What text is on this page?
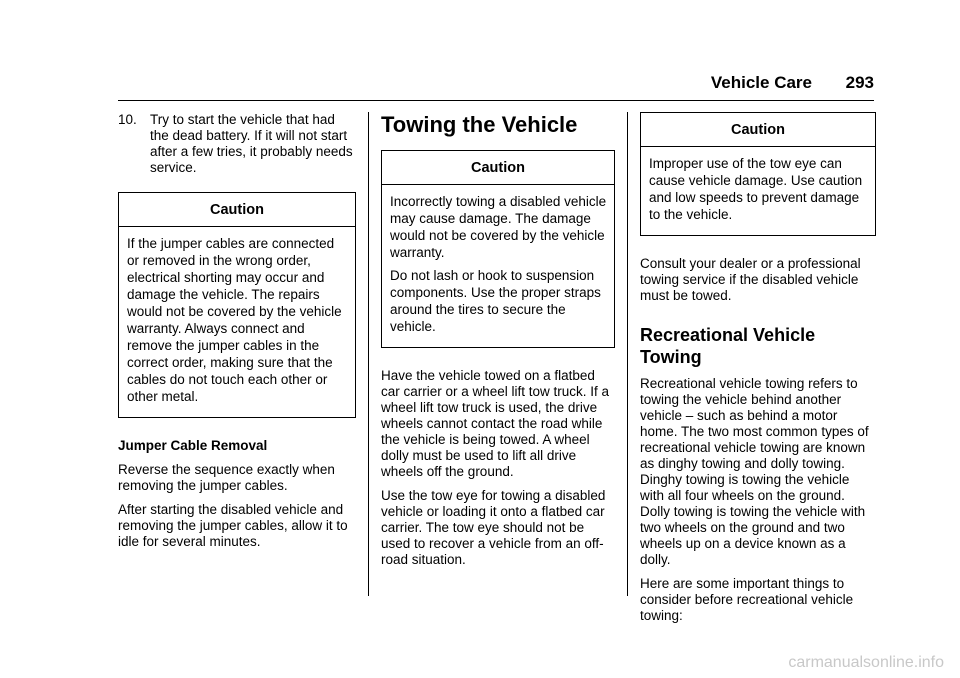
Vehicle Care 293
10. Try to start the vehicle that had the dead battery. If it will not start after a few tries, it probably needs service.
Caution

If the jumper cables are connected or removed in the wrong order, electrical shorting may occur and damage the vehicle. The repairs would not be covered by the vehicle warranty. Always connect and remove the jumper cables in the correct order, making sure that the cables do not touch each other or other metal.

Jumper Cable Removal

Reverse the sequence exactly when removing the jumper cables.

After starting the disabled vehicle and removing the jumper cables, allow it to idle for several minutes.

Towing the Vehicle
Caution

Incorrectly towing a disabled vehicle may cause damage. The damage would not be covered by the vehicle warranty.

Do not lash or hook to suspension components. Use the proper straps around the tires to secure the vehicle.

Have the vehicle towed on a flatbed car carrier or a wheel lift tow truck. If a wheel lift tow truck is used, the drive wheels cannot contact the road while the vehicle is being towed. A wheel dolly must be used to lift all drive wheels off the ground.

Use the tow eye for towing a disabled vehicle or loading it onto a flatbed car carrier. The tow eye should not be used to recover a vehicle from an off-road situation.

Caution

Improper use of the tow eye can cause vehicle damage. Use caution and low speeds to prevent damage to the vehicle.

Consult your dealer or a professional towing service if the disabled vehicle must be towed.

Recreational Vehicle Towing

Recreational vehicle towing refers to towing the vehicle behind another vehicle – such as behind a motor home. The two most common types of recreational vehicle towing are known as dinghy towing and dolly towing. Dinghy towing is towing the vehicle with all four wheels on the ground. Dolly towing is towing the vehicle with two wheels on the ground and two wheels up on a device known as a dolly.

Here are some important things to consider before recreational vehicle towing:

carmanualsonline.info
